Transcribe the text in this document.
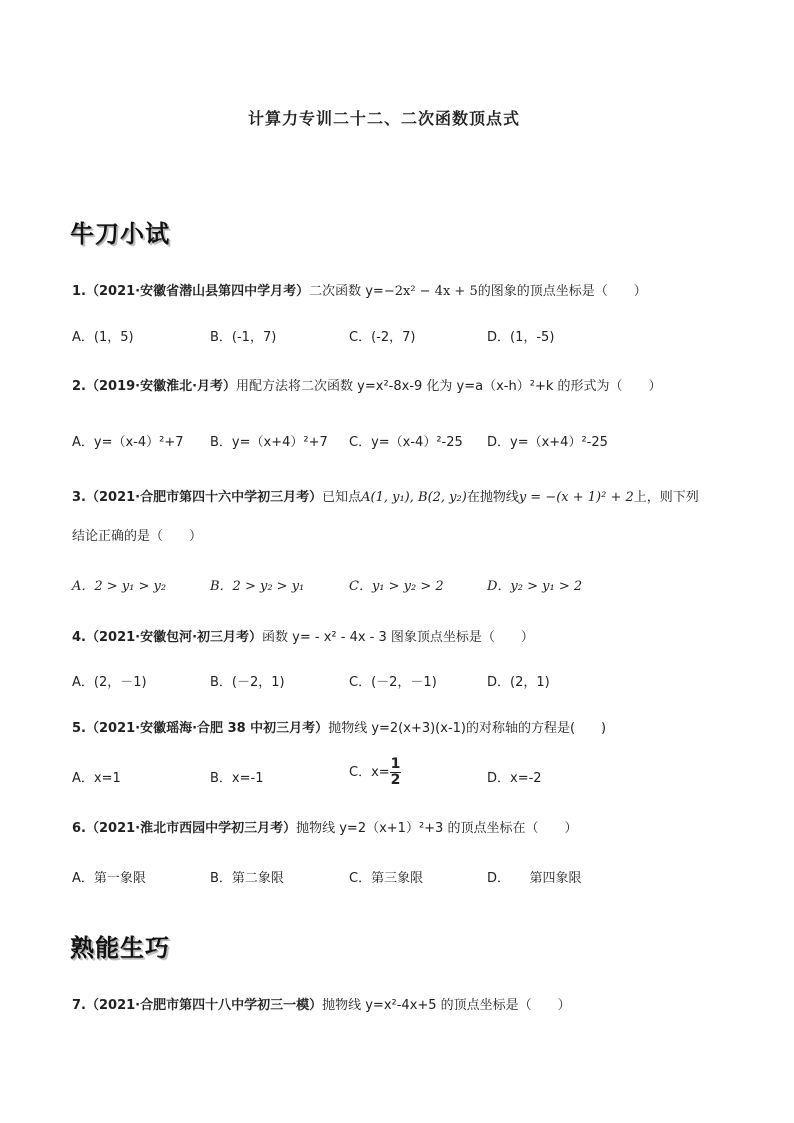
计算力专训二十二、二次函数顶点式
牛刀小试
1.（2021·安徽省潜山县第四中学月考）二次函数 y=−2x² − 4x + 5的图象的顶点坐标是（　　）
A．(1，5)	B．(-1，7)	C．(-2，7)	D．(1，-5)
2.（2019·安徽淮北·月考）用配方法将二次函数 y=x²-8x-9 化为 y=a（x-h）²+k 的形式为（　　）
A．y=（x-4）²+7 B．y=（x+4）²+7 C．y=（x-4）²-25 D．y=（x+4）²-25
3.（2021·合肥市第四十六中学初三月考）已知点A(1, y₁), B(2, y₂)在抛物线y = −(x + 1)² + 2上，则下列
结论正确的是（　　）
A．2 > y₁ > y₂	B．2 > y₂ > y₁	C．y₁ > y₂ > 2	D．y₂ > y₁ > 2
4.（2021·安徽包河·初三月考）函数 y= - x² - 4x - 3 图象顶点坐标是（　　）
A．(2，－1)	B．(－2，1)	C．(－2，－1)	D．(2，1)
5.（2021·安徽瑶海·合肥 38 中初三月考）抛物线 y=2(x+3)(x-1)的对称轴的方程是(　　)
A．x=1	B．x=-1	C．$x= \frac{1}{2}$	D．x=-2
6.（2021·淮北市西园中学初三月考）抛物线 y=2（x+1）²+3 的顶点坐标在（　　）
A．第一象限	B．第二象限	C．第三象限	D．　　第四象限
熟能生巧
7.（2021·合肥市第四十八中学初三一模）抛物线 y=x²-4x+5 的顶点坐标是（　　）
